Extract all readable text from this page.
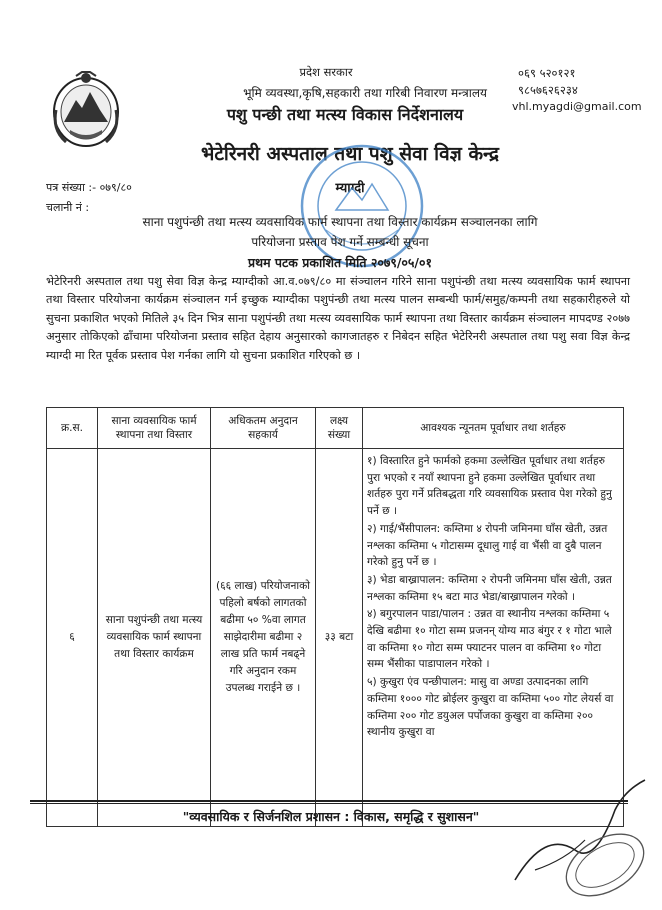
प्रदेश सरकार
भूमि व्यवस्था,कृषि,सहकारी तथा गरिबी निवारण मन्त्रालय
पशु पन्छी तथा मत्स्य विकास निर्देशनालय
भेटेरिनरी अस्पताल तथा पशु सेवा विज्ञ केन्द्र
म्याग्दी
०६९ ५२०१२१
९८५७६२६२३४
vhl.myagdi@gmail.com
पत्र संख्या :- ०७९/८०
चलानी नं :
साना पशुपंन्छी तथा मत्स्य व्यवसायिक फार्म स्थापना तथा विस्तार कार्यक्रम सञ्चालनका लागि
परियोजना प्रस्ताव पेश गर्ने सम्बन्धी सूचना
प्रथम पटक प्रकाशित मिति २०७९/०५/०१
भेटेरिनरी अस्पताल तथा पशु सेवा विज्ञ केन्द्र म्याग्दीको आ.व.०७९/८० मा संञ्चालन गरिने साना पशुपंन्छी तथा मत्स्य व्यवसायिक फार्म स्थापना तथा विस्तार परियोजना कार्यक्रम संञ्चालन गर्न इच्छुक म्याग्दीका पशुपंन्छी तथा मत्स्य पालन सम्बन्धी फार्म/समुह/कम्पनी तथा सहकारीहरुले यो सुचना प्रकाशित भएको मितिले ३५ दिन भित्र साना पशुपंन्छी तथा मत्स्य व्यवसायिक फार्म स्थापना तथा विस्तार कार्यक्रम संञ्चालन मापदण्ड २०७७ अनुसार तोकिएको ढाँचामा परियोजना प्रस्ताव सहित देहाय अनुसारको कागजातहरु र निबेदन सहित भेटेरिनरी अस्पताल तथा पशु सवा विज्ञ केन्द्र म्याग्दी मा रित पूर्वक प्रस्ताव पेश गर्नका लागि यो सुचना प्रकाशित गरिएको छ ।
क्र.स.	साना व्यवसायिक फार्म स्थापना तथा विस्तार	अधिकतम अनुदान सहकार्य	लक्ष्य संख्या	आवश्यक न्यूनतम पूर्वाधार तथा शर्तहरु
६	साना पशुपंन्छी तथा मत्स्य व्यवसायिक फार्म स्थापना तथा विस्तार कार्यक्रम	(६६ लाख) परियोजनाको पहिलो बर्षको लागतको बढीमा ५० %वा लागत साझेदारीमा बढीमा २ लाख प्रति फार्म नबढ्ने गरि अनुदान रकम उपलब्ध गराईने छ ।	३३ बटा	१) विस्तारित हुने फार्मको हकमा उल्लेखित पूर्वाधार तथा शर्तहरु पुरा भएको र नयाँ स्थापना हुने हकमा उल्लेखित पूर्वाधार तथा शर्तहरु पुरा गर्ने प्रतिबद्धता गरि व्यवसायिक प्रस्ताव पेश गरेको हुनु पर्ने छ ।
२) गाई/भैंसीपालन: कम्तिमा ४ रोपनी जमिनमा घाँस खेती, उन्नत नश्लका कम्तिमा ५ गोटासम्म दूधालु गाई वा भैंसी वा दुबै पालन गरेको हुनु पर्ने छ ।
३) भेडा बाख्रापालन: कम्तिमा २ रोपनी जमिनमा घाँस खेती, उन्नत नश्लका कम्तिमा १५ बटा माउ भेडा/बाख्रापालन गरेको ।
४) बगुरपालन पाडा/पालन : उन्नत वा स्थानीय नश्लका कम्तिमा ५ देखि बढीमा १० गोटा सम्म प्रजनन् योग्य माउ बंगुर र १ गोटा भाले वा कम्तिमा १० गोटा सम्म फ्याटनर पालन वा कम्तिमा १० गोटा सम्म भैंसीका पाडापालन गरेको ।
५) कुखुरा एंव पन्छीपालन: मासु वा अण्डा उत्पादनका लागि कम्तिमा १००० गोट ब्रोईलर कुखुरा वा कम्तिमा ५०० गोट लेयर्स वा कम्तिमा २०० गोट डयुअल पर्पोजका कुखुरा वा कम्तिमा २०० स्थानीय कुखुरा वा
"व्यवसायिक र सिर्जनशिल प्रशासन : विकास, समृद्धि र सुशासन"
